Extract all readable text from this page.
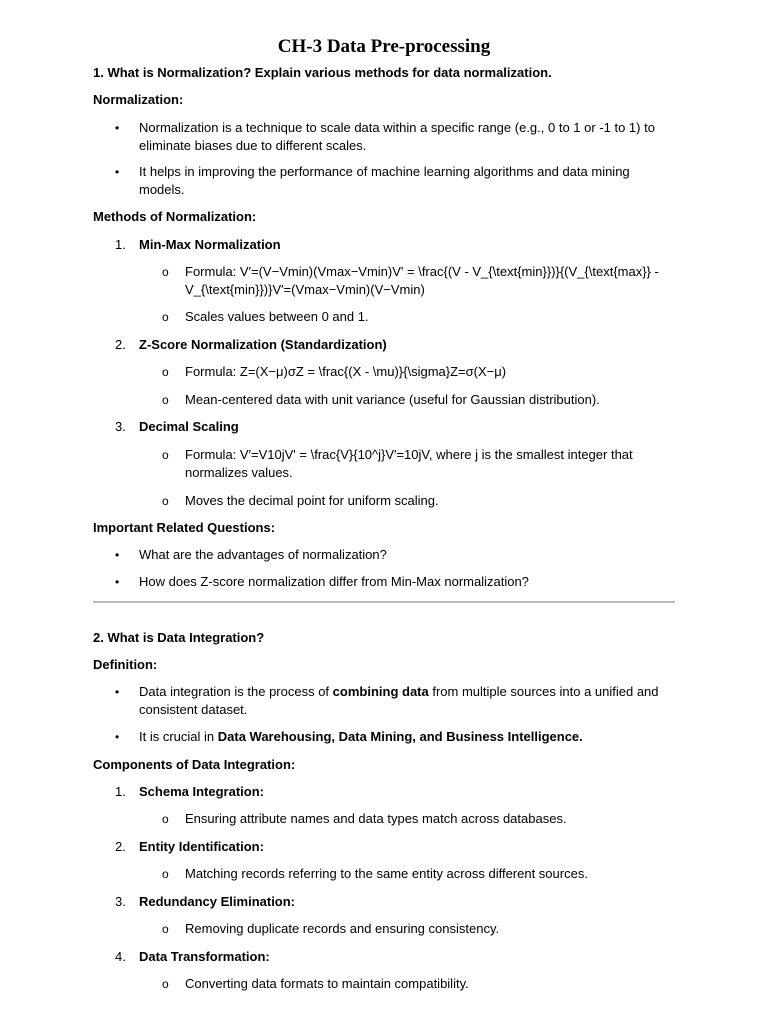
CH-3 Data Pre-processing
1. What is Normalization? Explain various methods for data normalization.
Normalization:
• Normalization is a technique to scale data within a specific range (e.g., 0 to 1 or -1 to 1) to eliminate biases due to different scales.
• It helps in improving the performance of machine learning algorithms and data mining models.
Methods of Normalization:
1. Min-Max Normalization
o Formula: V′=(V−Vmin)(Vmax−Vmin)V' = \frac{(V - V_{\text{min}})}{(V_{\text{max}} - V_{\text{min}})}V′=(Vmax−Vmin)(V−Vmin)
o Scales values between 0 and 1.
2. Z-Score Normalization (Standardization)
o Formula: Z=(X−μ)σZ = \frac{(X - \mu)}{\sigma}Z=σ(X−μ)
o Mean-centered data with unit variance (useful for Gaussian distribution).
3. Decimal Scaling
o Formula: V′=V10jV' = \frac{V}{10^j}V′=10jV, where j is the smallest integer that normalizes values.
o Moves the decimal point for uniform scaling.
Important Related Questions:
• What are the advantages of normalization?
• How does Z-score normalization differ from Min-Max normalization?
2. What is Data Integration?
Definition:
• Data integration is the process of combining data from multiple sources into a unified and consistent dataset.
• It is crucial in Data Warehousing, Data Mining, and Business Intelligence.
Components of Data Integration:
1. Schema Integration:
o Ensuring attribute names and data types match across databases.
2. Entity Identification:
o Matching records referring to the same entity across different sources.
3. Redundancy Elimination:
o Removing duplicate records and ensuring consistency.
4. Data Transformation:
o Converting data formats to maintain compatibility.
